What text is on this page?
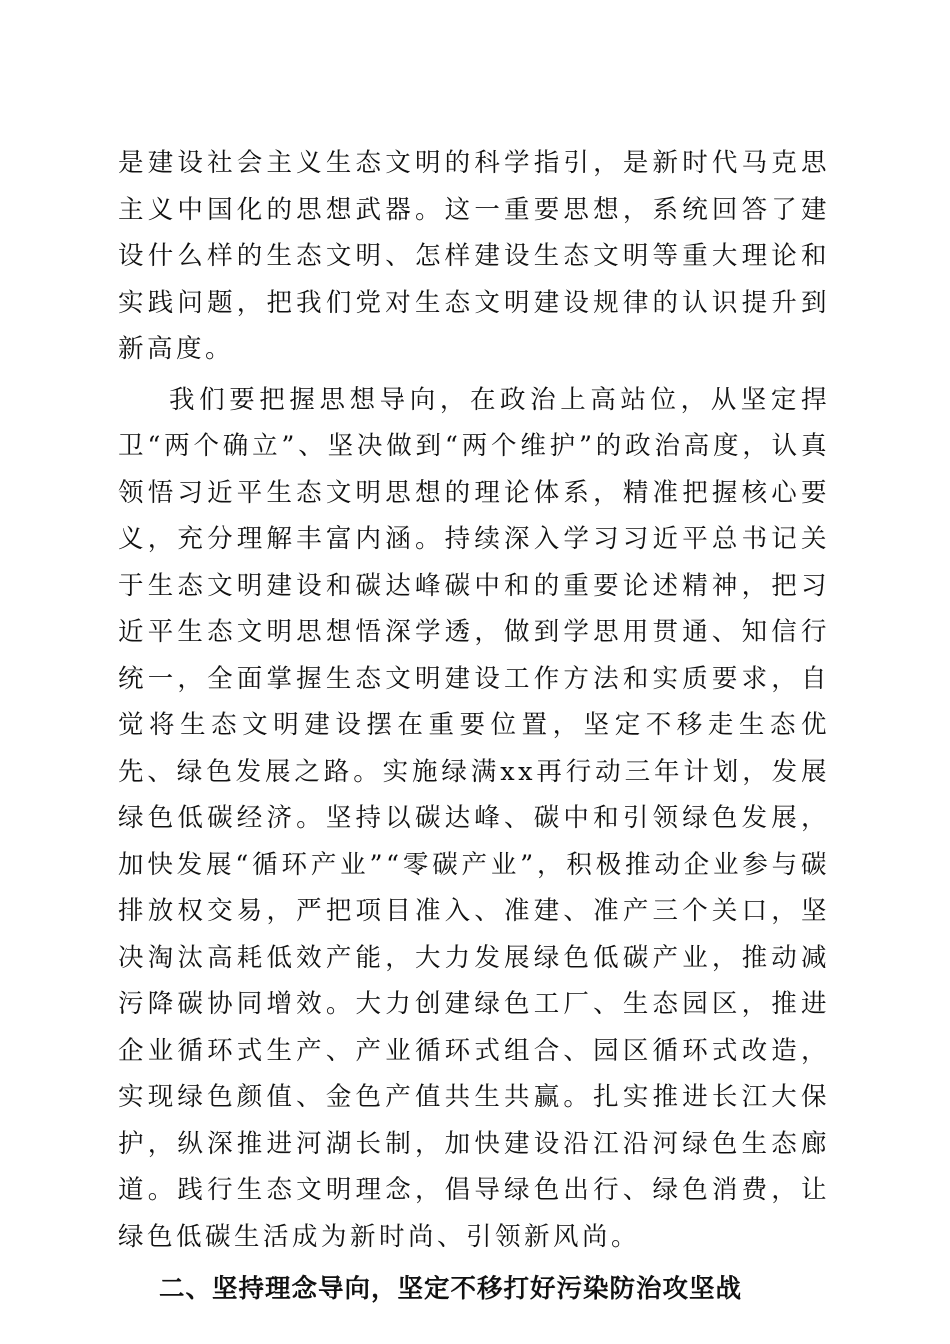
是建设社会主义生态文明的科学指引，是新时代马克思主义中国化的思想武器。这一重要思想，系统回答了建设什么样的生态文明、怎样建设生态文明等重大理论和实践问题，把我们党对生态文明建设规律的认识提升到新高度。

我们要把握思想导向，在政治上高站位，从坚定捍卫“两个确立”、坚决做到“两个维护”的政治高度，认真领悟习近平生态文明思想的理论体系，精准把握核心要义，充分理解丰富内涵。持续深入学习习近平总书记关于生态文明建设和碳达峰碳中和的重要论述精神，把习近平生态文明思想悟深学透，做到学思用贯通、知信行统一，全面掌握生态文明建设工作方法和实质要求，自觉将生态文明建设摆在重要位置，坚定不移走生态优先、绿色发展之路。实施绿满xx再行动三年计划，发展绿色低碳经济。坚持以碳达峰、碳中和引领绿色发展，加快发展“循环产业”“零碳产业”，积极推动企业参与碳排放权交易，严把项目准入、准建、准产三个关口，坚决淘汰高耗低效产能，大力发展绿色低碳产业，推动减污降碳协同增效。大力创建绿色工厂、生态园区，推进企业循环式生产、产业循环式组合、园区循环式改造，实现绿色颜值、金色产值共生共赢。扎实推进长江大保护，纵深推进河湖长制，加快建设沿江沿河绿色生态廊道。践行生态文明理念，倡导绿色出行、绿色消费，让绿色低碳生活成为新时尚、引领新风尚。

二、坚持理念导向，坚定不移打好污染防治攻坚战
